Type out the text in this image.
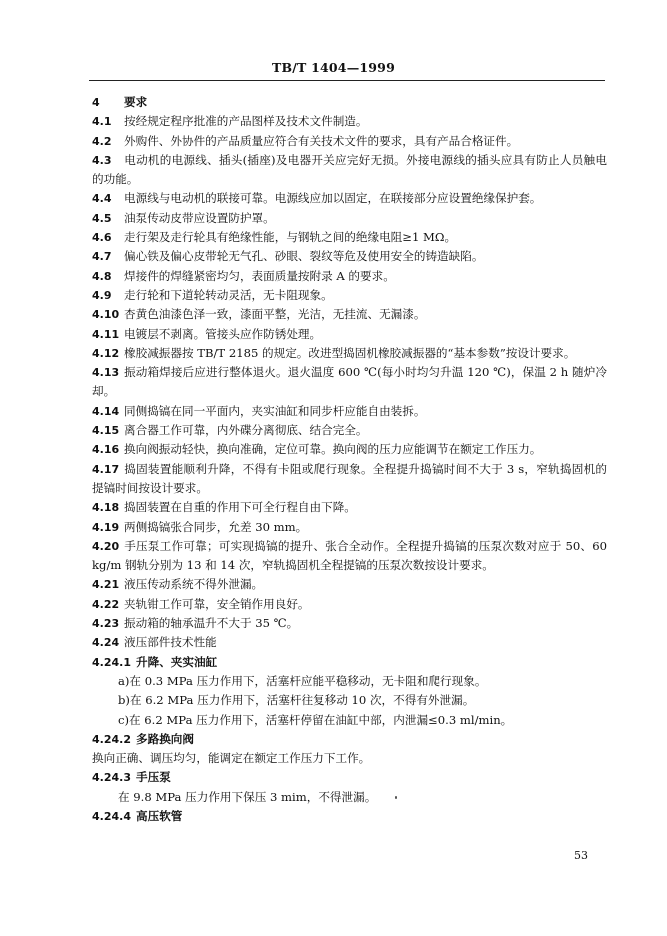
TB/T 1404—1999

4 要求

4.1 按经规定程序批准的产品图样及技术文件制造。

4.2 外购件、外协件的产品质量应符合有关技术文件的要求，具有产品合格证件。

4.3 电动机的电源线、插头(插座)及电器开关应完好无损。外接电源线的插头应具有防止人员触电的功能。

4.4 电源线与电动机的联接可靠。电源线应加以固定，在联接部分应设置绝缘保护套。

4.5 油泵传动皮带应设置防护罩。

4.6 走行架及走行轮具有绝缘性能，与钢轨之间的绝缘电阻≥1 MΩ。

4.7 偏心铁及偏心皮带轮无气孔、砂眼、裂纹等危及使用安全的铸造缺陷。

4.8 焊接件的焊缝紧密均匀，表面质量按附录 A 的要求。

4.9 走行轮和下道轮转动灵活，无卡阻现象。

4.10 杏黄色油漆色泽一致，漆面平整，光洁，无挂流、无漏漆。

4.11 电镀层不剥离。管接头应作防锈处理。

4.12 橡胶减振器按 TB/T 2185 的规定。改进型捣固机橡胶减振器的“基本参数”按设计要求。

4.13 振动箱焊接后应进行整体退火。退火温度 600 ℃(每小时均匀升温 120 ℃)，保温 2 h 随炉冷却。

4.14 同侧捣镐在同一平面内，夹实油缸和同步杆应能自由装拆。

4.15 离合器工作可靠，内外碟分离彻底、结合完全。

4.16 换向阀振动轻快，换向准确，定位可靠。换向阀的压力应能调节在额定工作压力。

4.17 捣固装置能顺利升降，不得有卡阻或爬行现象。全程提升捣镐时间不大于 3 s，窄轨捣固机的提镐时间按设计要求。

4.18 捣固装置在自重的作用下可全行程自由下降。

4.19 两侧捣镐张合同步，允差 30 mm。

4.20 手压泵工作可靠；可实现捣镐的提升、张合全动作。全程提升捣镐的压泵次数对应于 50、60 kg/m 钢轨分别为 13 和 14 次，窄轨捣固机全程提镐的压泵次数按设计要求。

4.21 液压传动系统不得外泄漏。

4.22 夹轨钳工作可靠，安全销作用良好。

4.23 振动箱的轴承温升不大于 35 ℃。

4.24 液压部件技术性能

4.24.1 升降、夹实油缸

a)在 0.3 MPa 压力作用下，活塞杆应能平稳移动，无卡阻和爬行现象。

b)在 6.2 MPa 压力作用下，活塞杆往复移动 10 次，不得有外泄漏。

c)在 6.2 MPa 压力作用下，活塞杆停留在油缸中部，内泄漏≤0.3 ml/min。

4.24.2 多路换向阀

换向正确、调压均匀，能调定在额定工作压力下工作。

4.24.3 手压泵

在 9.8 MPa 压力作用下保压 3 mim，不得泄漏。

4.24.4 高压软管

53
